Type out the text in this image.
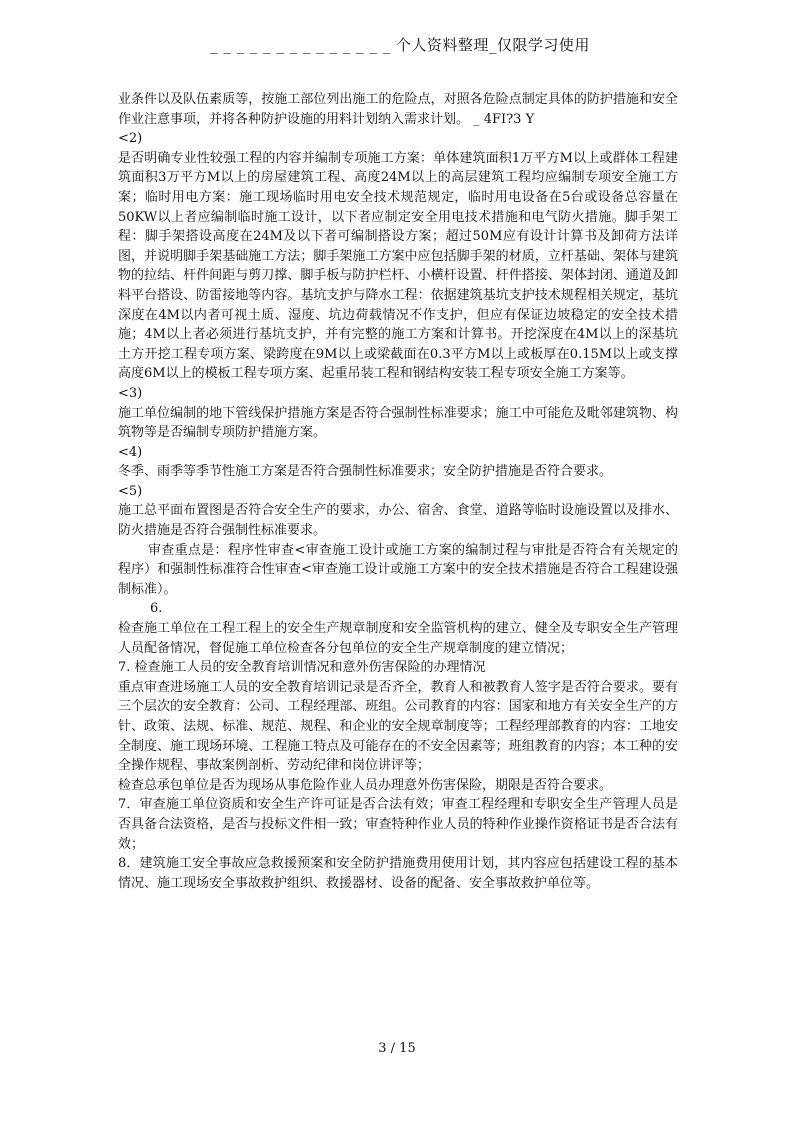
_ _ _ _ _ _ _ _ _ _ _ _ _ _ 个人资料整理_仅限学习使用

业条件以及队伍素质等，按施工部位列出施工的危险点，对照各危险点制定具体的防护措施和安全作业注意事项，并将各种防护设施的用料计划纳入需求计划。 _ 4FI?3 Y

<2)

是否明确专业性较强工程的内容并编制专项施工方案：单体建筑面积1万平方M以上或群体工程建筑面积3万平方M以上的房屋建筑工程、高度24M以上的高层建筑工程均应编制专项安全施工方案；临时用电方案：施工现场临时用电安全技术规范规定，临时用电设备在5台或设备总容量在50KW以上者应编制临时施工设计，以下者应制定安全用电技术措施和电气防火措施。脚手架工程：脚手架搭设高度在24M及以下者可编制搭设方案；超过50M应有设计计算书及卸荷方法详图，并说明脚手架基础施工方法；脚手架施工方案中应包括脚手架的材质，立杆基础、架体与建筑物的拉结、杆件间距与剪刀撑、脚手板与防护栏杆、小横杆设置、杆件搭接、架体封闭、通道及卸料平台搭设、防雷接地等内容。基坑支护与降水工程：依据建筑基坑支护技术规程相关规定，基坑深度在4M以内者可视土质、湿度、坑边荷载情况不作支护，但应有保证边坡稳定的安全技术措施；4M以上者必须进行基坑支护，并有完整的施工方案和计算书。开挖深度在4M以上的深基坑土方开挖工程专项方案、梁跨度在9M以上或梁截面在0.3平方M以上或板厚在0.15M以上或支撑高度6M以上的模板工程专项方案、起重吊装工程和钢结构安装工程专项安全施工方案等。

<3)

施工单位编制的地下管线保护措施方案是否符合强制性标准要求；施工中可能危及毗邻建筑物、构筑物等是否编制专项防护措施方案。

<4)

冬季、雨季等季节性施工方案是否符合强制性标准要求；安全防护措施是否符合要求。

<5)

施工总平面布置图是否符合安全生产的要求，办公、宿舍、食堂、道路等临时设施设置以及排水、防火措施是否符合强制性标准要求。

审查重点是：程序性审查<审查施工设计或施工方案的编制过程与审批是否符合有关规定的程序）和强制性标准符合性审查<审查施工设计或施工方案中的安全技术措施是否符合工程建设强制标准）。

6.

检查施工单位在工程工程上的安全生产规章制度和安全监管机构的建立、健全及专职安全生产管理人员配备情况，督促施工单位检查各分包单位的安全生产规章制度的建立情况；

7. 检查施工人员的安全教育培训情况和意外伤害保险的办理情况

重点审查进场施工人员的安全教育培训记录是否齐全，教育人和被教育人签字是否符合要求。要有三个层次的安全教育：公司、工程经理部、班组。公司教育的内容：国家和地方有关安全生产的方针、政策、法规、标准、规范、规程、和企业的安全规章制度等；工程经理部教育的内容：工地安全制度、施工现场环境、工程施工特点及可能存在的不安全因素等；班组教育的内容；本工种的安全操作规程、事故案例剖析、劳动纪律和岗位讲评等；

检查总承包单位是否为现场从事危险作业人员办理意外伤害保险，期限是否符合要求。

7．审查施工单位资质和安全生产许可证是否合法有效；审查工程经理和专职安全生产管理人员是否具备合法资格，是否与投标文件相一致；审查特种作业人员的特种作业操作资格证书是否合法有效；

8．建筑施工安全事故应急救援预案和安全防护措施费用使用计划，其内容应包括建设工程的基本情况、施工现场安全事故救护组织、救援器材、设备的配备、安全事故救护单位等。

3 / 15
